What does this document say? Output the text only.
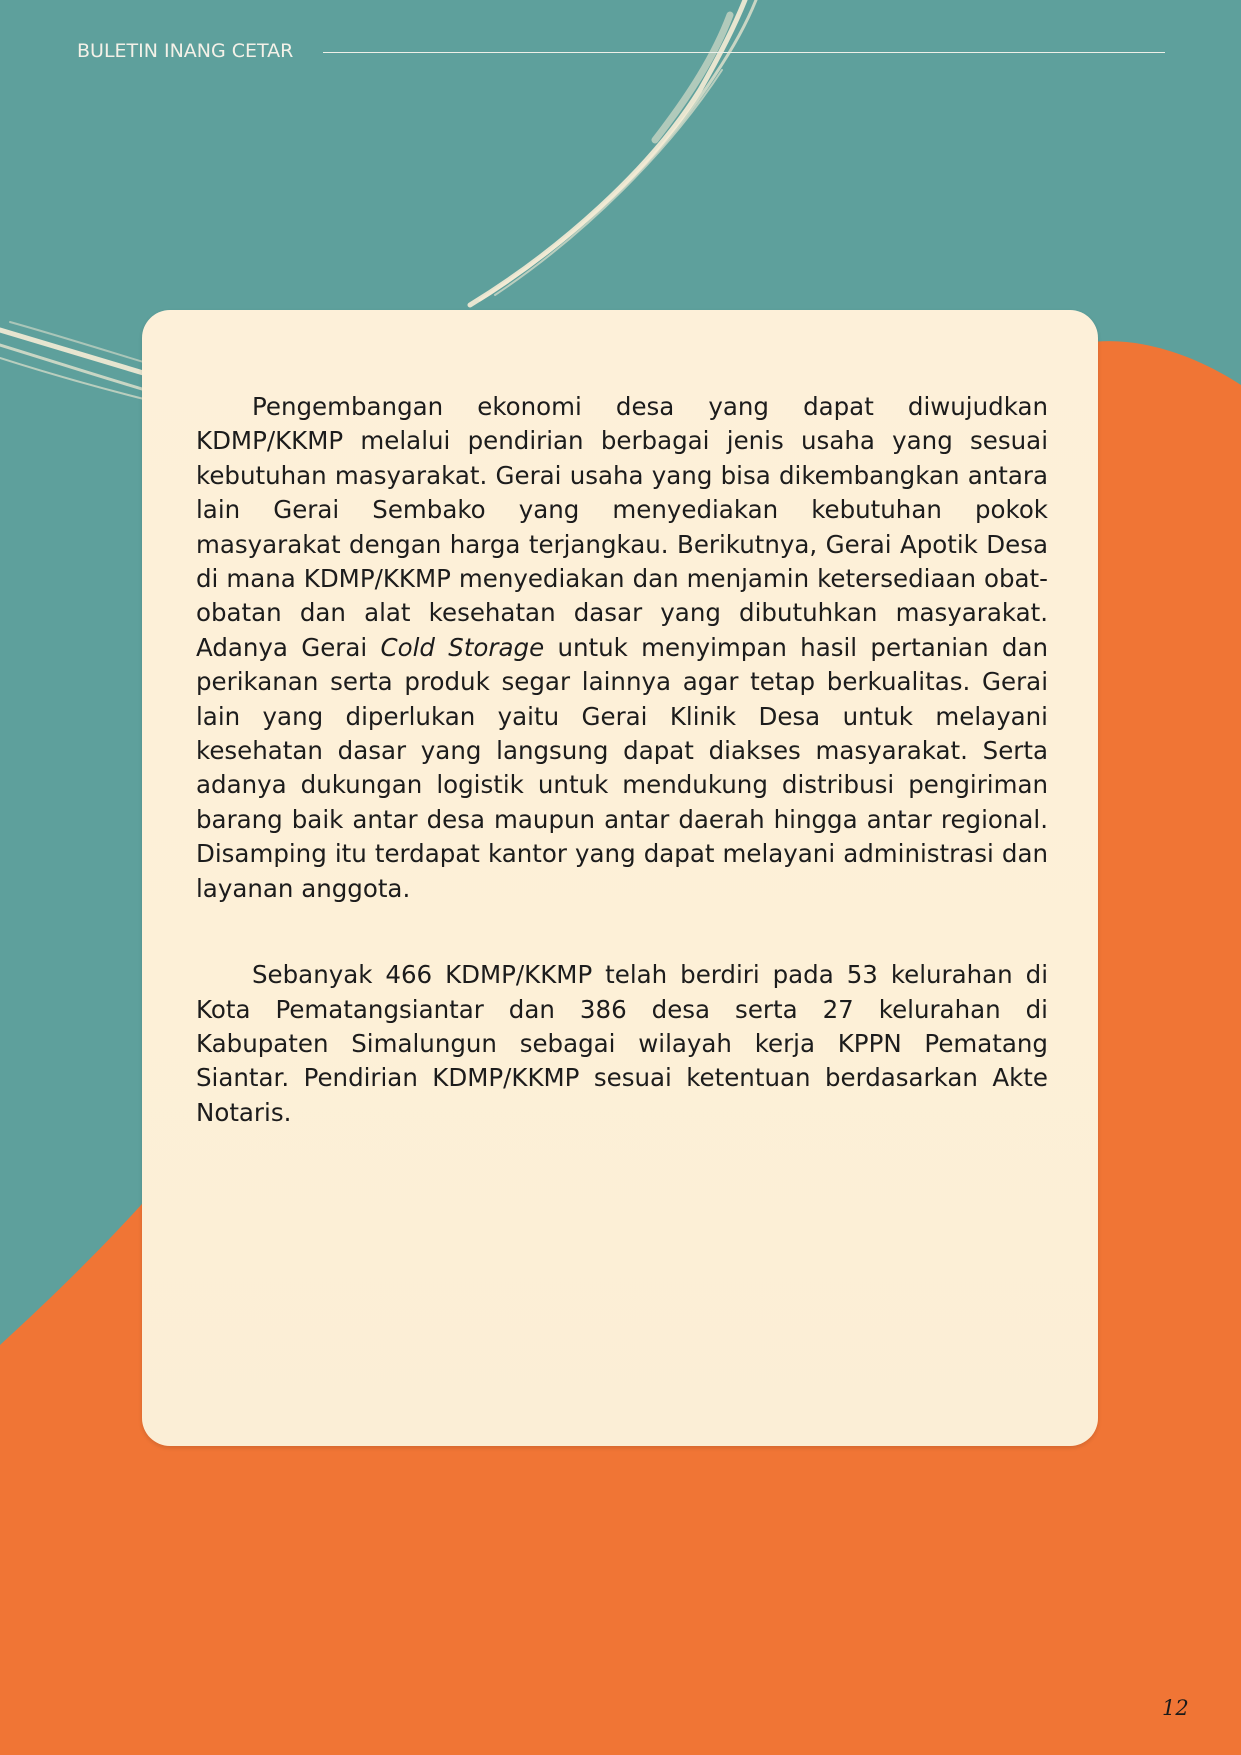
BULETIN INANG CETAR

Pengembangan ekonomi desa yang dapat diwujudkan KDMP/KKMP melalui pendirian berbagai jenis usaha yang sesuai kebutuhan masyarakat. Gerai usaha yang bisa dikembangkan antara lain Gerai Sembako yang menyediakan kebutuhan pokok masyarakat dengan harga terjangkau. Berikutnya, Gerai Apotik Desa di mana KDMP/KKMP menyediakan dan menjamin ketersediaan obat-obatan dan alat kesehatan dasar yang dibutuhkan masyarakat. Adanya Gerai Cold Storage untuk menyimpan hasil pertanian dan perikanan serta produk segar lainnya agar tetap berkualitas. Gerai lain yang diperlukan yaitu Gerai Klinik Desa untuk melayani kesehatan dasar yang langsung dapat diakses masyarakat. Serta adanya dukungan logistik untuk mendukung distribusi pengiriman barang baik antar desa maupun antar daerah hingga antar regional. Disamping itu terdapat kantor yang dapat melayani administrasi dan layanan anggota.

Sebanyak 466 KDMP/KKMP telah berdiri pada 53 kelurahan di Kota Pematangsiantar dan 386 desa serta 27 kelurahan di Kabupaten Simalungun sebagai wilayah kerja KPPN Pematang Siantar. Pendirian KDMP/KKMP sesuai ketentuan berdasarkan Akte Notaris.

12
